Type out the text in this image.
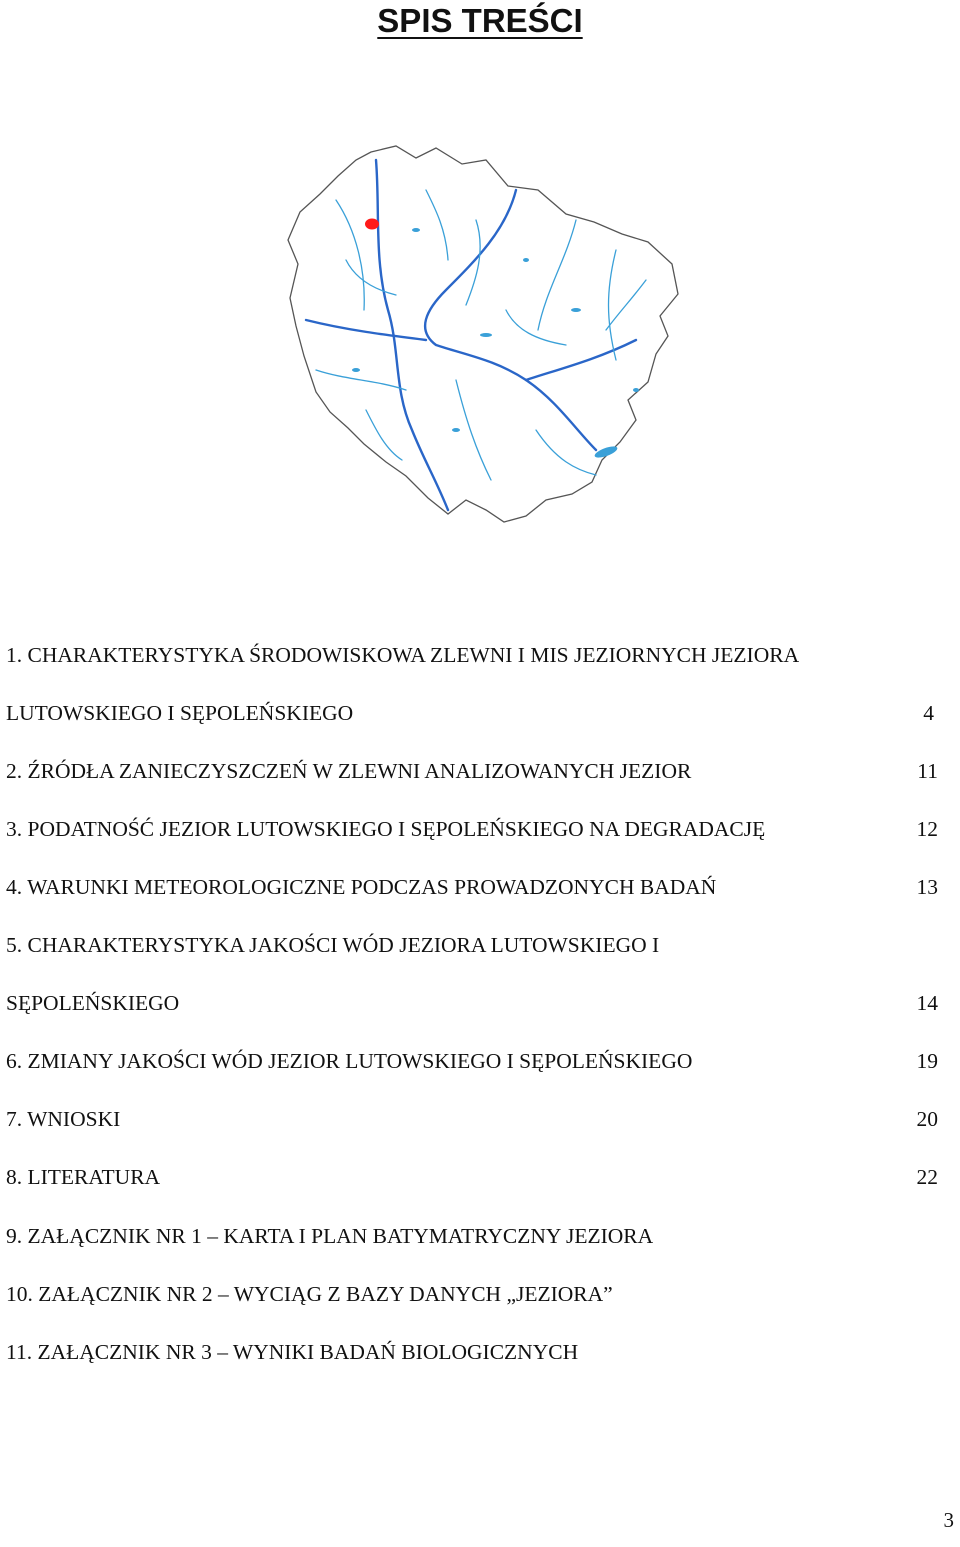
SPIS TREŚCI
1. CHARAKTERYSTYKA ŚRODOWISKOWA ZLEWNI I MIS JEZIORNYCH JEZIORA
LUTOWSKIEGO I SĘPOLEŃSKIEGO	4
2. ŹRÓDŁA ZANIECZYSZCZEŃ W ZLEWNI ANALIZOWANYCH JEZIOR	11
3. PODATNOŚĆ JEZIOR LUTOWSKIEGO I SĘPOLEŃSKIEGO NA DEGRADACJĘ	12
4. WARUNKI METEOROLOGICZNE PODCZAS PROWADZONYCH BADAŃ	13
5. CHARAKTERYSTYKA JAKOŚCI WÓD JEZIORA LUTOWSKIEGO I
SĘPOLEŃSKIEGO	14
6. ZMIANY JAKOŚCI WÓD JEZIOR LUTOWSKIEGO I SĘPOLEŃSKIEGO	19
7. WNIOSKI	20
8. LITERATURA	22
9. ZAŁĄCZNIK NR 1 – KARTA I PLAN BATYMATRYCZNY JEZIORA
10. ZAŁĄCZNIK NR 2 – WYCIĄG Z BAZY DANYCH „JEZIORA”
11. ZAŁĄCZNIK NR 3 – WYNIKI BADAŃ BIOLOGICZNYCH
3
